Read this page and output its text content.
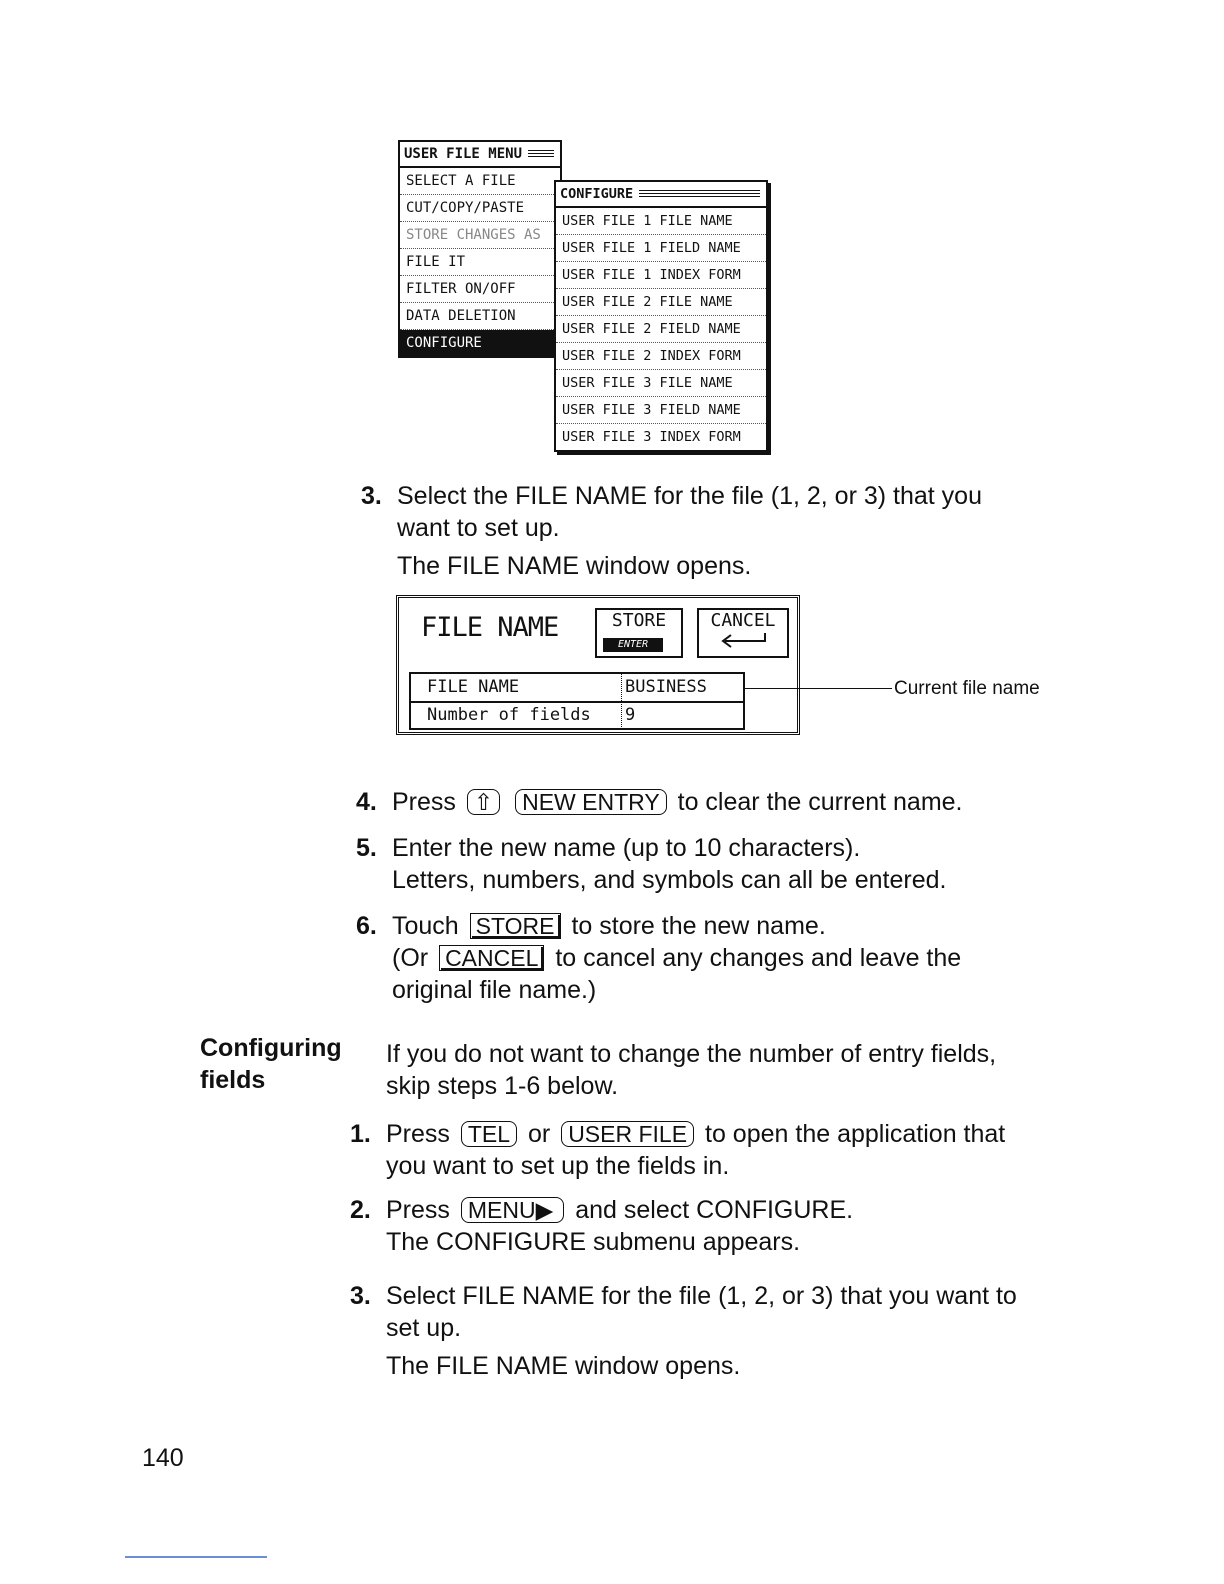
USER FILE MENU
SELECT A FILE
CUT/COPY/PASTE
STORE CHANGES AS
FILE IT
FILTER ON/OFF
DATA DELETION
CONFIGURE
CONFIGURE
USER FILE 1 FILE NAME
USER FILE 1 FIELD NAME
USER FILE 1 INDEX FORM
USER FILE 2 FILE NAME
USER FILE 2 FIELD NAME
USER FILE 2 INDEX FORM
USER FILE 3 FILE NAME
USER FILE 3 FIELD NAME
USER FILE 3 INDEX FORM
3. Select the FILE NAME for the file (1, 2, or 3) that you
want to set up.
The FILE NAME window opens.
FILE NAME	STORE
ENTER
CANCEL
FILE NAME	BUSINESS
Number of fields 9
Current file name
4. Press ⇧ NEW ENTRY to clear the current name.
5. Enter the new name (up to 10 characters).
Letters, numbers, and symbols can all be entered.
6. Touch STORE to store the new name.
(Or CANCEL to cancel any changes and leave the
original file name.)
Configuring
fields
If you do not want to change the number of entry fields,
skip steps 1-6 below.
1. Press TEL or USER FILE to open the application that
you want to set up the fields in.
2. Press MENU▶ and select CONFIGURE.
The CONFIGURE submenu appears.
3. Select FILE NAME for the file (1, 2, or 3) that you want to
set up.
The FILE NAME window opens.
140
